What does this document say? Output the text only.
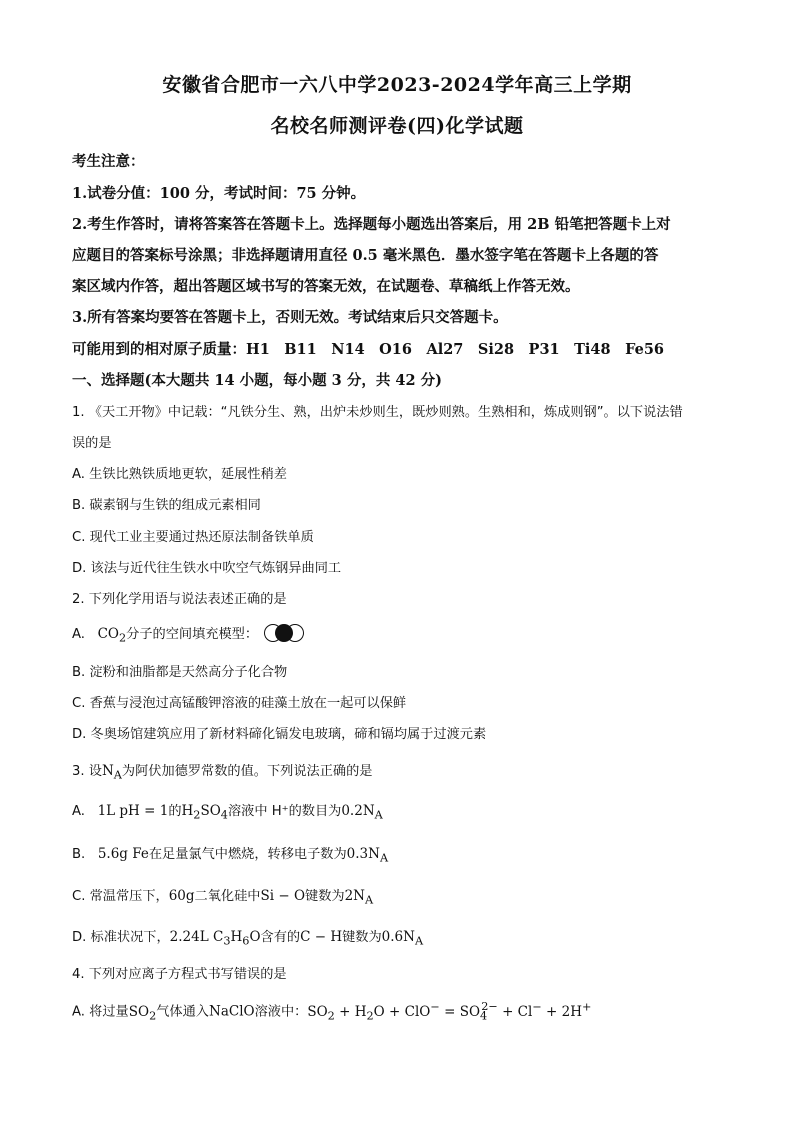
安徽省合肥市一六八中学2023-2024学年高三上学期
名校名师测评卷(四)化学试题
考生注意：
1.试卷分值：100 分，考试时间：75 分钟。
2.考生作答时，请将答案答在答题卡上。选择题每小题选出答案后，用 2B 铅笔把答题卡上对
应题目的答案标号涂黑；非选择题请用直径 0.5 毫米黑色．墨水签字笔在答题卡上各题的答
案区域内作答，超出答题区域书写的答案无效，在试题卷、草稿纸上作答无效。
3.所有答案均要答在答题卡上，否则无效。考试结束后只交答题卡。
可能用到的相对原子质量：H1　B11　N14　O16　Al27　Si28　P31　Ti48　Fe56
一、选择题(本大题共 14 小题，每小题 3 分，共 42 分)
1. 《天工开物》中记载：“凡铁分生、熟，出炉未炒则生，既炒则熟。生熟相和，炼成则钢”。以下说法错
误的是
A. 生铁比熟铁质地更软，延展性稍差
B. 碳素钢与生铁的组成元素相同
C. 现代工业主要通过热还原法制备铁单质
D. 该法与近代往生铁水中吹空气炼钢异曲同工
2. 下列化学用语与说法表述正确的是
A. $CO_2$分子的空间填充模型：
B. 淀粉和油脂都是天然高分子化合物
C. 香蕉与浸泡过高锰酸钾溶液的硅藻土放在一起可以保鲜
D. 冬奥场馆建筑应用了新材料碲化镉发电玻璃，碲和镉均属于过渡元素
3. 设$N_A$为阿伏加德罗常数的值。下列说法正确的是
A. 1L pH = 1的$H_2SO_4$溶液中 H⁺的数目为$0.2N_A$
B. 5.6g Fe在足量氯气中燃烧，转移电子数为$0.3N_A$
C. 常温常压下，60g二氧化硅中Si − O键数为$2N_A$
D. 标准状况下，2.24L $C_3H_6O$含有的C − H键数为$0.6N_A$
4. 下列对应离子方程式书写错误的是
A. 将过量$SO_2$气体通入NaClO溶液中：$SO_2 + H_2O + ClO^- = SO_4^{2-} + Cl^- + 2H^+$
